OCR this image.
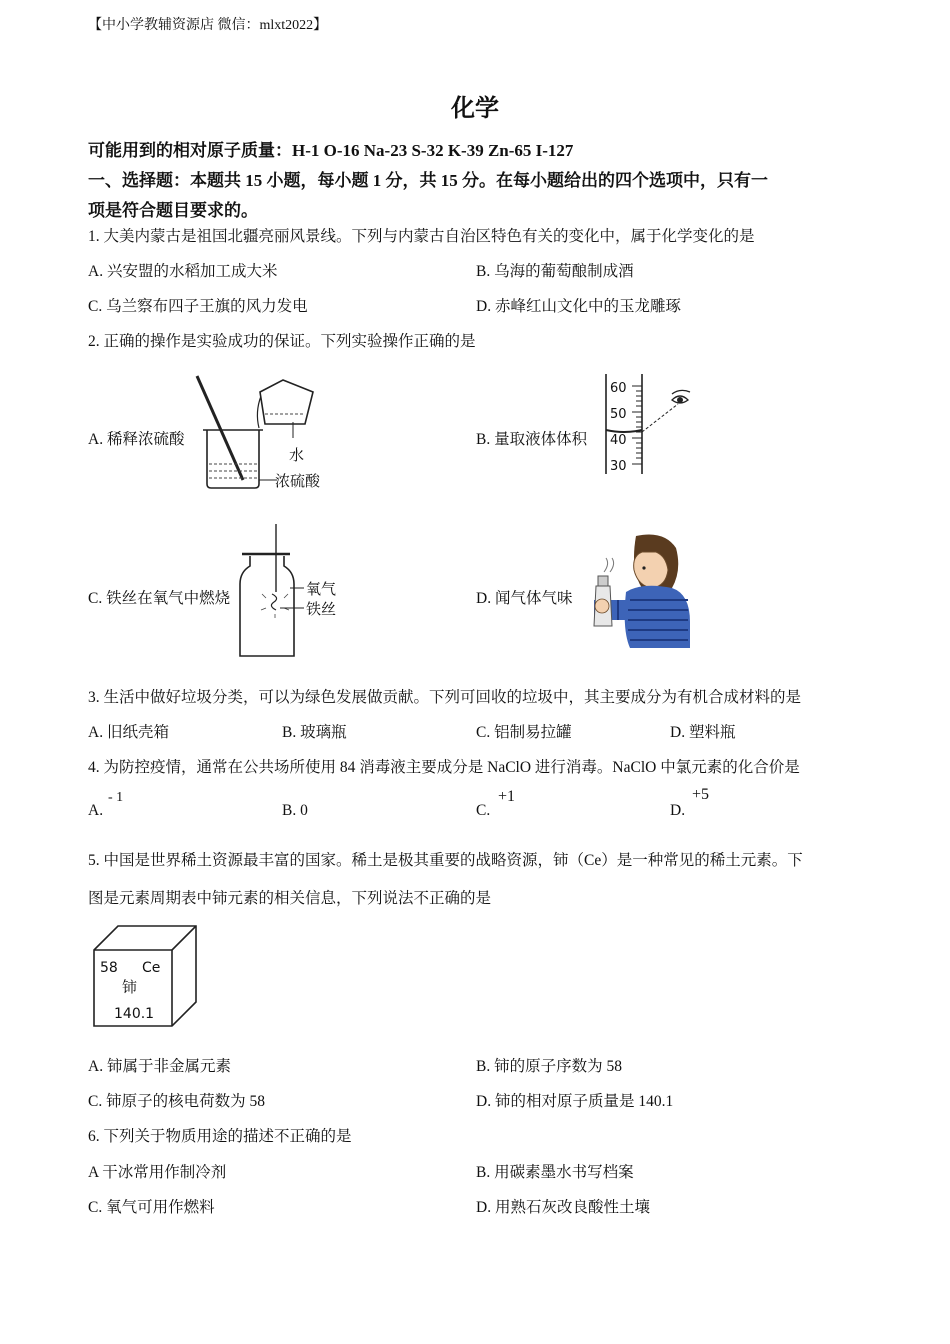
【中小学教辅资源店 微信：mlxt2022】
化学
可能用到的相对原子质量：H-1 O-16 Na-23 S-32 K-39 Zn-65 I-127
一、选择题：本题共 15 小题，每小题 1 分，共 15 分。在每小题给出的四个选项中，只有一
项是符合题目要求的。
1. 大美内蒙古是祖国北疆亮丽风景线。下列与内蒙古自治区特色有关的变化中，属于化学变化的是
A. 兴安盟的水稻加工成大米	B. 乌海的葡萄酿制成酒
C. 乌兰察布四子王旗的风力发电	D. 赤峰红山文化中的玉龙雕琢
2. 正确的操作是实验成功的保证。下列实验操作正确的是
A. 稀释浓硫酸	B. 量取液体体积
C. 铁丝在氧气中燃烧	D. 闻气体气味
水
浓硫酸
60
50
40
30
氧气
铁丝
3. 生活中做好垃圾分类，可以为绿色发展做贡献。下列可回收的垃圾中，其主要成分为有机合成材料的是
A. 旧纸壳箱	B. 玻璃瓶	C. 铝制易拉罐	D. 塑料瓶
4. 为防控疫情，通常在公共场所使用 84 消毒液主要成分是 NaClO 进行消毒。NaClO 中氯元素的化合价是
A.
- 1
B. 0	C.
+1
D.
+5
5. 中国是世界稀土资源最丰富的国家。稀土是极其重要的战略资源，铈（Ce）是一种常见的稀土元素。下
图是元素周期表中铈元素的相关信息，下列说法不正确的是
58 Ce
铈
140.1
A. 铈属于非金属元素	B. 铈的原子序数为 58
C. 铈原子的核电荷数为 58	D. 铈的相对原子质量是 140.1
6. 下列关于物质用途的描述不正确的是
A 干冰常用作制冷剂	B. 用碳素墨水书写档案
C. 氧气可用作燃料	D. 用熟石灰改良酸性土壤
